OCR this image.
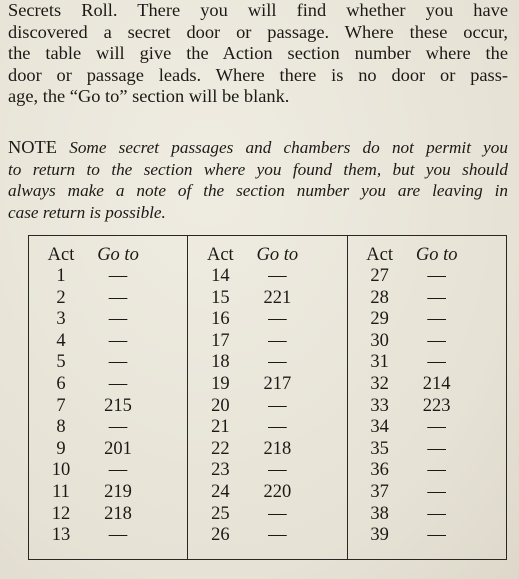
Secrets Roll. There you will find whether you have
discovered a secret door or passage. Where these occur,
the table will give the Action section number where the
door or passage leads. Where there is no door or pass-
age, the “Go to” section will be blank.

NOTE Some secret passages and chambers do not permit you
to return to the section where you found them, but you should
always make a note of the section number you are leaving in
case return is possible.

Act	Go to
1	—
2	—
3	—
4	—
5	—
6	—
7	215
8	—
9	201
10	—
11	219
12	218
13	—
Act	Go to
14	—
15	221
16	—
17	—
18	—
19	217
20	—
21	—
22	218
23	—
24	220
25	—
26	—
Act	Go to
27	—
28	—
29	—
30	—
31	—
32	214
33	223
34	—
35	—
36	—
37	—
38	—
39	—
